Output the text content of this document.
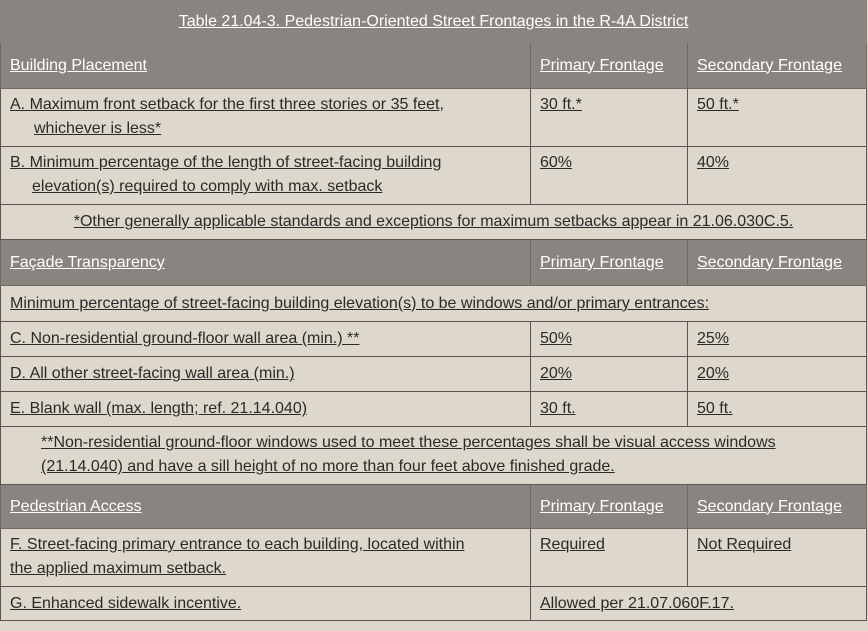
Table 21.04-3. Pedestrian-Oriented Street Frontages in the R-4A District		
Building Placement	Primary Frontage	Secondary Frontage
A. Maximum front setback for the first three stories or 35 feet,
whichever is less*	30 ft.*	50 ft.*
B. Minimum percentage of the length of street-facing building
elevation(s) required to comply with max. setback	60%	40%
*Other generally applicable standards and exceptions for maximum setbacks appear in 21.06.030C.5.		
Façade Transparency	Primary Frontage	Secondary Frontage
Minimum percentage of street-facing building elevation(s) to be windows and/or primary entrances:		
C. Non-residential ground-floor wall area (min.) **	50%	25%
D. All other street-facing wall area (min.)	20%	20%
E. Blank wall (max. length; ref. 21.14.040)	30 ft.	50 ft.
**Non-residential ground-floor windows used to meet these percentages shall be visual access windows
(21.14.040) and have a sill height of no more than four feet above finished grade.		
Pedestrian Access	Primary Frontage	Secondary Frontage
F. Street-facing primary entrance to each building, located within
the applied maximum setback.	Required	Not Required
G. Enhanced sidewalk incentive.	Allowed per 21.07.060F.17.	
